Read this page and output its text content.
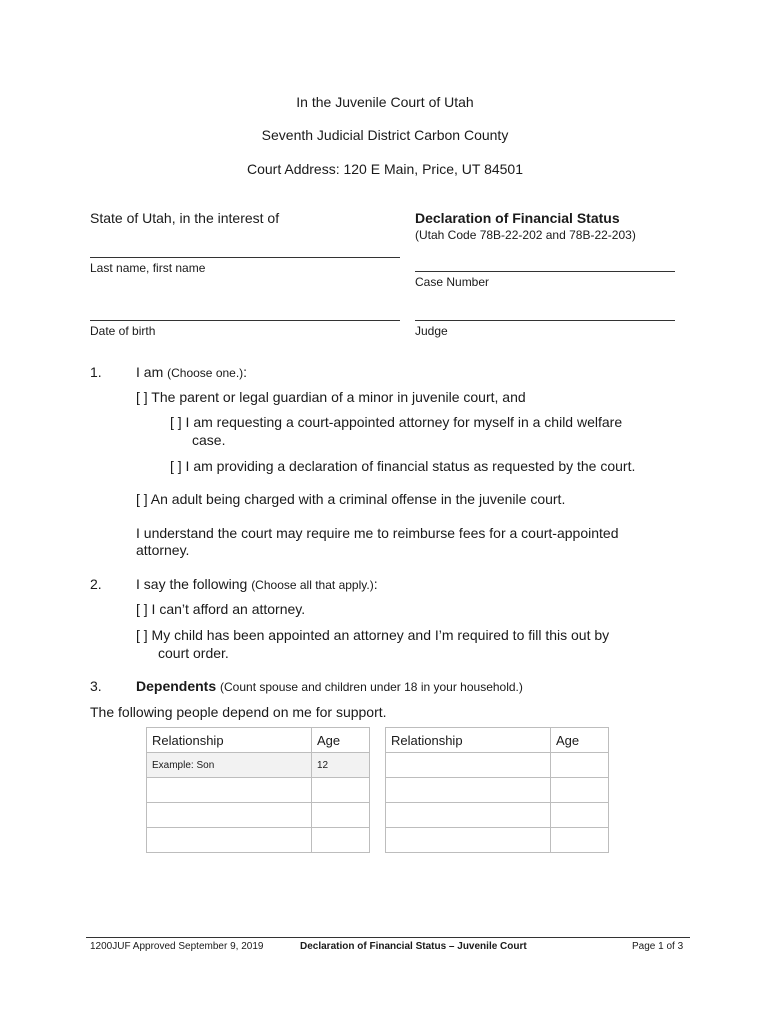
In the Juvenile Court of Utah
Seventh Judicial District Carbon County
Court Address: 120 E Main, Price, UT 84501
State of Utah, in the interest of	Declaration of Financial Status
(Utah Code 78B-22-202 and 78B-22-203)
Last name, first name
Case Number
Date of birth	Judge
1. I am (Choose one.):
[ ] The parent or legal guardian of a minor in juvenile court, and
[ ] I am requesting a court-appointed attorney for myself in a child welfare
case.
[ ] I am providing a declaration of financial status as requested by the court.
[ ] An adult being charged with a criminal offense in the juvenile court.
I understand the court may require me to reimburse fees for a court-appointed
attorney.
2. I say the following (Choose all that apply.):
[ ] I can’t afford an attorney.
[ ] My child has been appointed an attorney and I’m required to fill this out by
court order.
3. Dependents (Count spouse and children under 18 in your household.)
The following people depend on me for support.
Relationship	Age
Example: Son	12

Relationship	Age

1200JUF Approved September 9, 2019	Declaration of Financial Status – Juvenile Court	Page 1 of 3
